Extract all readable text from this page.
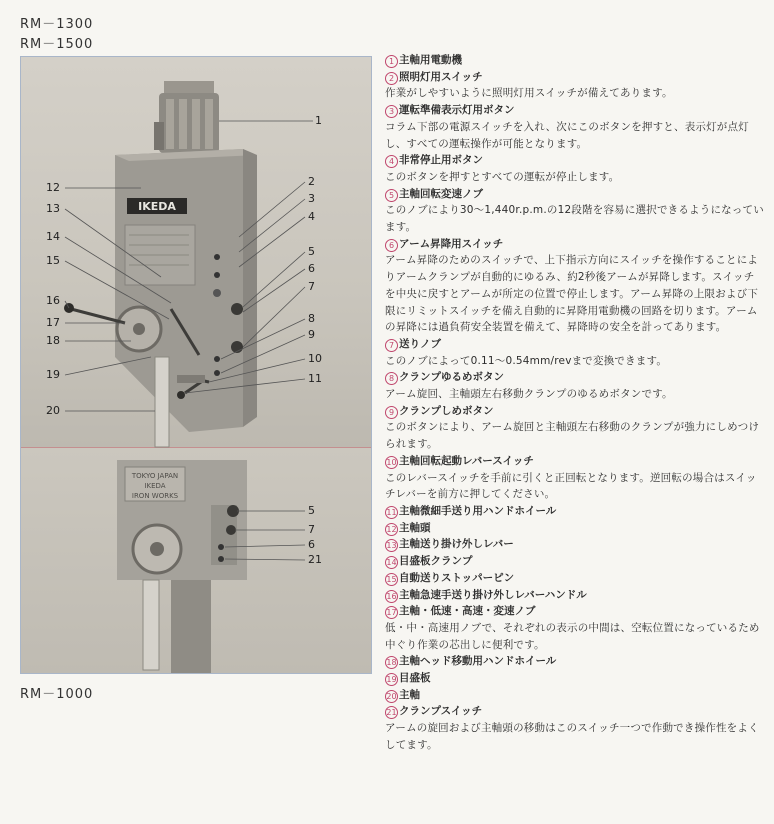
RM－1300
RM－1500
RM－1000
IKEDA
TOKYO JAPAN
IKEDA
IRON WORKS
1
2
3
4
5
6
7
8
9
10
11
12
13
14
15
16
17
18
19
20
5
7
6
21
1 主軸用電動機
2 照明灯用スイッチ
作業がしやすいように照明灯用スイッチが備えてあります。
3 運転準備表示灯用ボタン
コラム下部の電源スイッチを入れ、次にこのボタンを押すと、表示灯が点灯し、すべての運転操作が可能となります。
4 非常停止用ボタン
このボタンを押すとすべての運転が停止します。
5 主軸回転変速ノブ
このノブにより30～1,440r.p.m.の12段階を容易に選択できるようになっています。
6 アーム昇降用スイッチ
アーム昇降のためのスイッチで、上下指示方向にスイッチを操作することによりアームクランプが自動的にゆるみ、約2秒後アームが昇降します。スイッチを中央に戻すとアームが所定の位置で停止します。アーム昇降の上限および下限にリミットスイッチを備え自動的に昇降用電動機の回路を切ります。アームの昇降には過負荷安全装置を備えて、昇降時の安全を計ってあります。
7 送りノブ
このノブによって0.11～0.54mm/revまで変換できます。
8 クランプゆるめボタン
アーム旋回、主軸頭左右移動クランプのゆるめボタンです。
9 クランプしめボタン
このボタンにより、アーム旋回と主軸頭左右移動のクランプが強力にしめつけられます。
10 主軸回転起動レバースイッチ
このレバースイッチを手前に引くと正回転となります。逆回転の場合はスイッチレバーを前方に押してください。
11 主軸微細手送り用ハンドホイール
12 主軸頭
13 主軸送り掛け外しレバー
14 目盛板クランプ
15 自動送りストッパーピン
16 主軸急速手送り掛け外しレバーハンドル
17 主軸・低速・高速・変速ノブ
低・中・高速用ノブで、それぞれの表示の中間は、空転位置になっているため中ぐり作業の芯出しに便利です。
18 主軸ヘッド移動用ハンドホイール
19 目盛板
20 主軸
21 クランプスイッチ
アームの旋回および主軸頭の移動はこのスイッチ一つで作動でき操作性をよくしてます。
